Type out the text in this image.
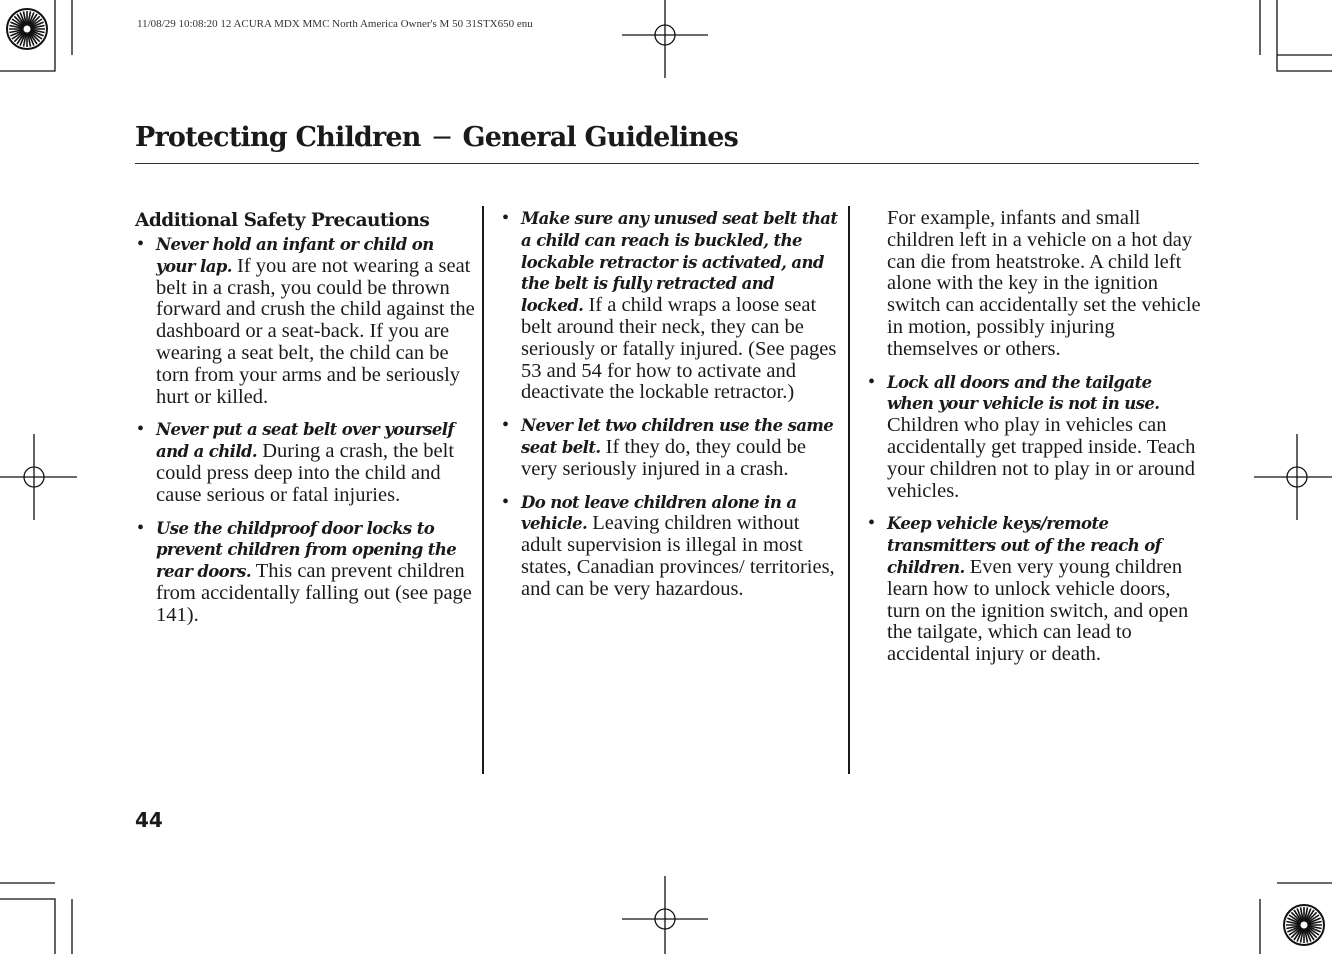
11/08/29 10:08:20 12 ACURA MDX MMC North America Owner's M 50 31STX650 enu
Protecting Children − General Guidelines
Additional Safety Precautions
• Never hold an infant or child on your lap. If you are not wearing a seat belt in a crash, you could be thrown forward and crush the child against the dashboard or a seat-back. If you are wearing a seat belt, the child can be torn from your arms and be seriously hurt or killed.
• Never put a seat belt over yourself and a child. During a crash, the belt could press deep into the child and cause serious or fatal injuries.
• Use the childproof door locks to prevent children from opening the rear doors. This can prevent children from accidentally falling out (see page 141).
• Make sure any unused seat belt that a child can reach is buckled, the lockable retractor is activated, and the belt is fully retracted and locked. If a child wraps a loose seat belt around their neck, they can be seriously or fatally injured. (See pages 53 and 54 for how to activate and deactivate the lockable retractor.)
• Never let two children use the same seat belt. If they do, they could be very seriously injured in a crash.
• Do not leave children alone in a vehicle. Leaving children without adult supervision is illegal in most states, Canadian provinces/ territories, and can be very hazardous.
For example, infants and small children left in a vehicle on a hot day can die from heatstroke. A child left alone with the key in the ignition switch can accidentally set the vehicle in motion, possibly injuring themselves or others.
• Lock all doors and the tailgate when your vehicle is not in use. Children who play in vehicles can accidentally get trapped inside. Teach your children not to play in or around vehicles.
• Keep vehicle keys/remote transmitters out of the reach of children. Even very young children learn how to unlock vehicle doors, turn on the ignition switch, and open the tailgate, which can lead to accidental injury or death.
44
